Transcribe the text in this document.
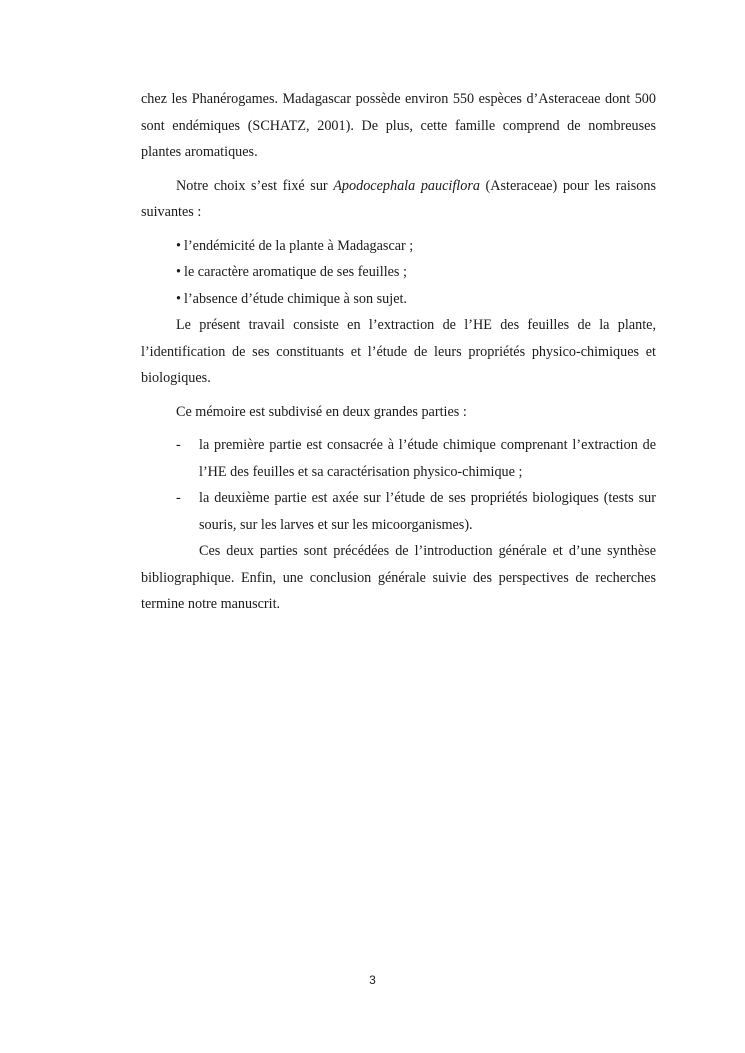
chez les Phanérogames. Madagascar possède environ 550 espèces d’Asteraceae dont 500 sont endémiques (SCHATZ, 2001). De plus, cette famille comprend de nombreuses plantes aromatiques.

Notre choix s’est fixé sur Apodocephala pauciflora (Asteraceae) pour les raisons suivantes :

• l’endémicité de la plante à Madagascar ;
• le caractère aromatique de ses feuilles ;
• l’absence d’étude chimique à son sujet.

Le présent travail consiste en l’extraction de l’HE des feuilles de la plante, l’identification de ses constituants et l’étude de leurs propriétés physico-chimiques et biologiques.

Ce mémoire est subdivisé en deux grandes parties :

- la première partie est consacrée à l’étude chimique comprenant l’extraction de l’HE des feuilles et sa caractérisation physico-chimique ;
- la deuxième partie est axée sur l’étude de ses propriétés biologiques (tests sur souris, sur les larves et sur les micoorganismes).

Ces deux parties sont précédées de l’introduction générale et d’une synthèse bibliographique. Enfin, une conclusion générale suivie des perspectives de recherches termine notre manuscrit.

3
